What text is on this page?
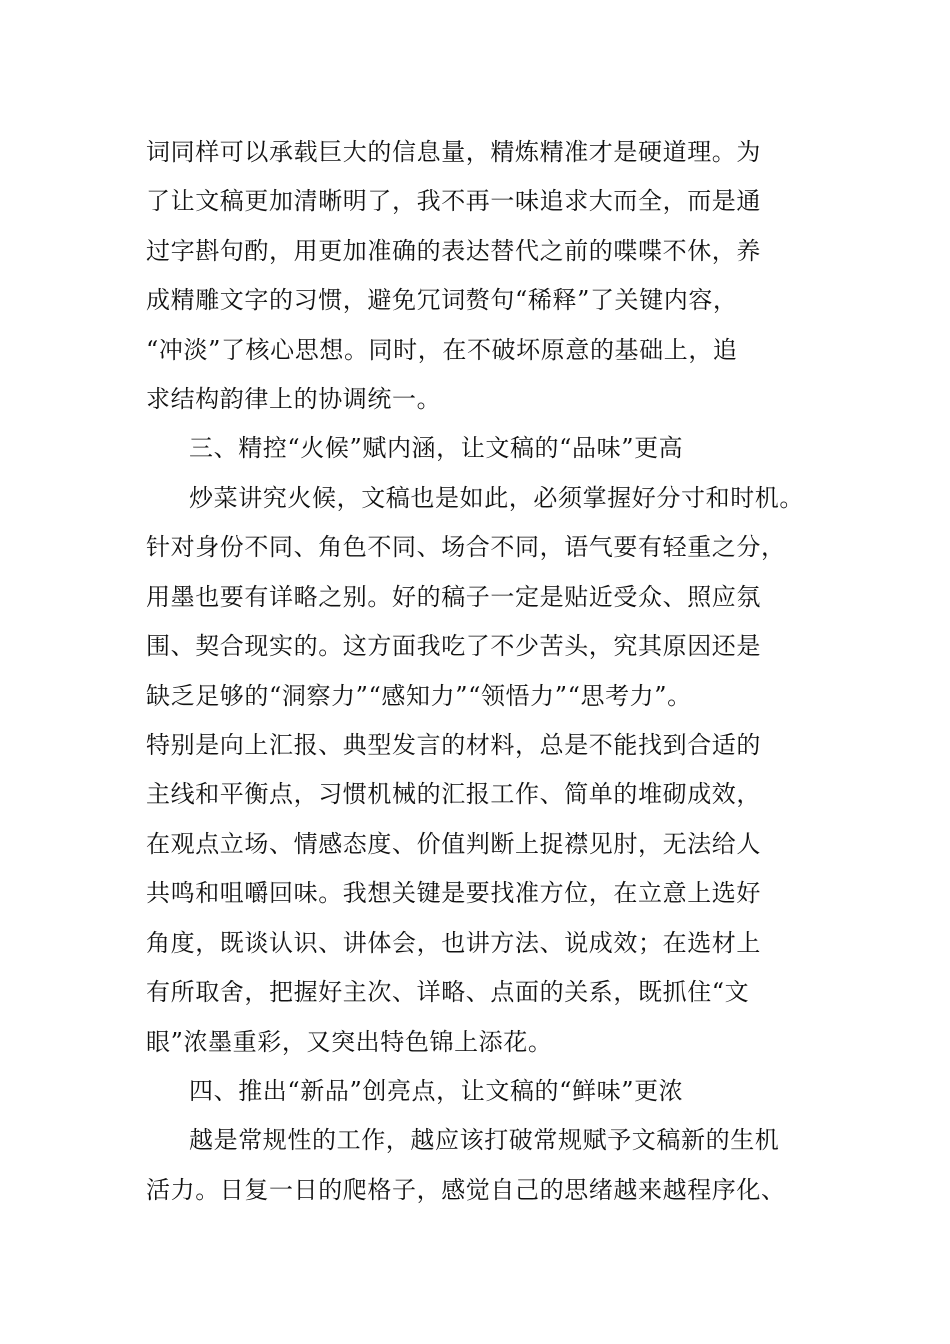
词同样可以承载巨大的信息量，精炼精准才是硬道理。为
了让文稿更加清晰明了，我不再一味追求大而全，而是通
过字斟句酌，用更加准确的表达替代之前的喋喋不休，养
成精雕文字的习惯，避免冗词赘句“稀释”了关键内容，
“冲淡”了核心思想。同时，在不破坏原意的基础上，追
求结构韵律上的协调统一。
三、精控“火候”赋内涵，让文稿的“品味”更高
炒菜讲究火候，文稿也是如此，必须掌握好分寸和时机。
针对身份不同、角色不同、场合不同，语气要有轻重之分，
用墨也要有详略之别。好的稿子一定是贴近受众、照应氛
围、契合现实的。这方面我吃了不少苦头，究其原因还是
缺乏足够的“洞察力”“感知力”“领悟力”“思考力”。
特别是向上汇报、典型发言的材料，总是不能找到合适的
主线和平衡点，习惯机械的汇报工作、简单的堆砌成效，
在观点立场、情感态度、价值判断上捉襟见肘，无法给人
共鸣和咀嚼回味。我想关键是要找准方位，在立意上选好
角度，既谈认识、讲体会，也讲方法、说成效；在选材上
有所取舍，把握好主次、详略、点面的关系，既抓住“文
眼”浓墨重彩，又突出特色锦上添花。
四、推出“新品”创亮点，让文稿的“鲜味”更浓
越是常规性的工作，越应该打破常规赋予文稿新的生机
活力。日复一日的爬格子，感觉自己的思绪越来越程序化、
